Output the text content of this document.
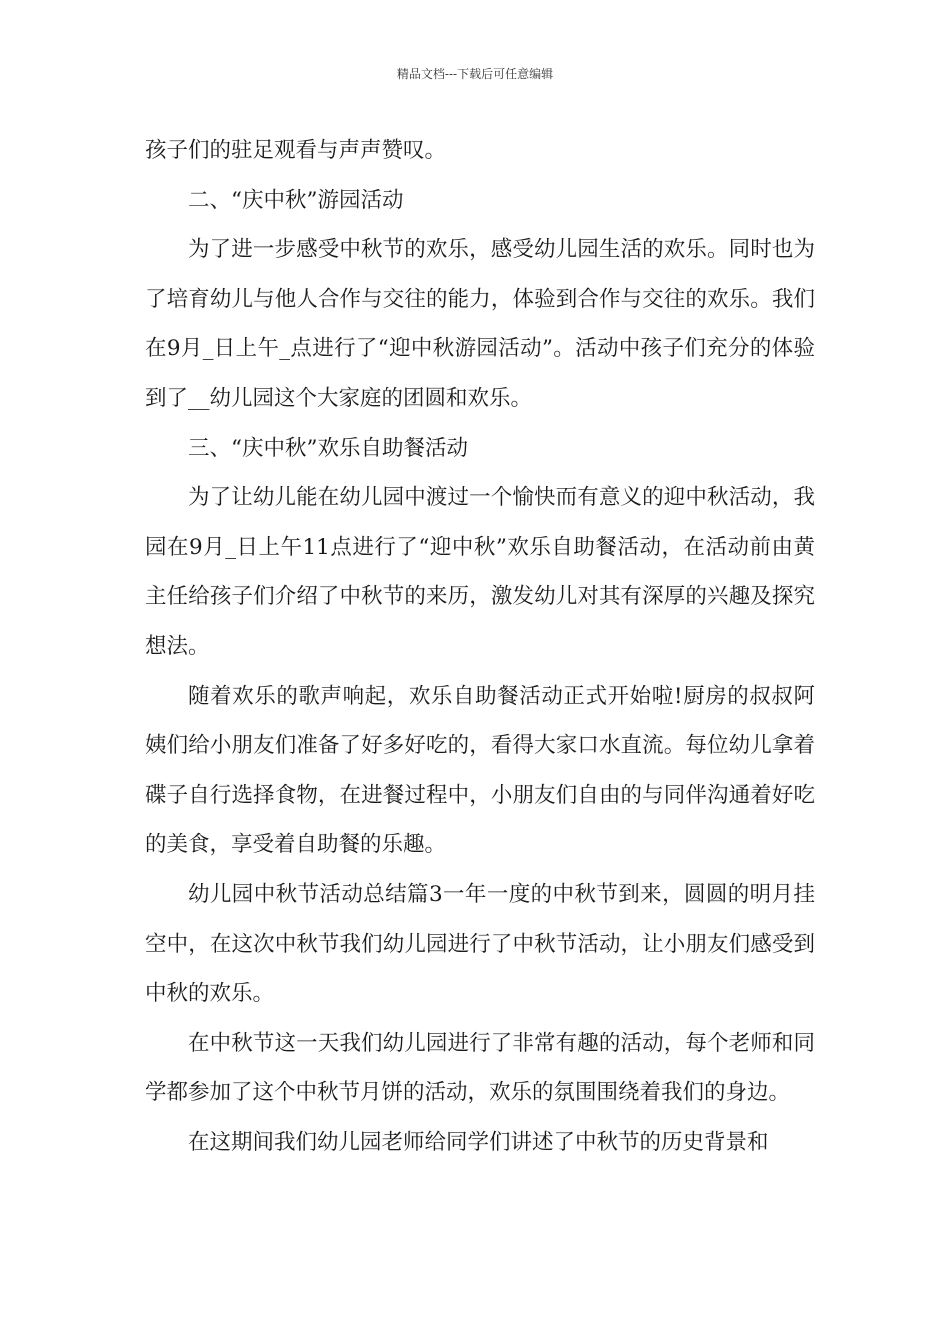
精品文档---下载后可任意编辑

孩子们的驻足观看与声声赞叹。

二、“庆中秋”游园活动

为了进一步感受中秋节的欢乐，感受幼儿园生活的欢乐。同时也为了培育幼儿与他人合作与交往的能力，体验到合作与交往的欢乐。我们在9月_日上午_点进行了“迎中秋游园活动”。活动中孩子们充分的体验到了__幼儿园这个大家庭的团圆和欢乐。

三、“庆中秋”欢乐自助餐活动

为了让幼儿能在幼儿园中渡过一个愉快而有意义的迎中秋活动，我园在9月_日上午11点进行了“迎中秋”欢乐自助餐活动，在活动前由黄主任给孩子们介绍了中秋节的来历，激发幼儿对其有深厚的兴趣及探究想法。

随着欢乐的歌声响起，欢乐自助餐活动正式开始啦!厨房的叔叔阿姨们给小朋友们准备了好多好吃的，看得大家口水直流。每位幼儿拿着碟子自行选择食物，在进餐过程中，小朋友们自由的与同伴沟通着好吃的美食，享受着自助餐的乐趣。

幼儿园中秋节活动总结篇3一年一度的中秋节到来，圆圆的明月挂空中，在这次中秋节我们幼儿园进行了中秋节活动，让小朋友们感受到中秋的欢乐。

在中秋节这一天我们幼儿园进行了非常有趣的活动，每个老师和同学都参加了这个中秋节月饼的活动，欢乐的氛围围绕着我们的身边。

在这期间我们幼儿园老师给同学们讲述了中秋节的历史背景和
